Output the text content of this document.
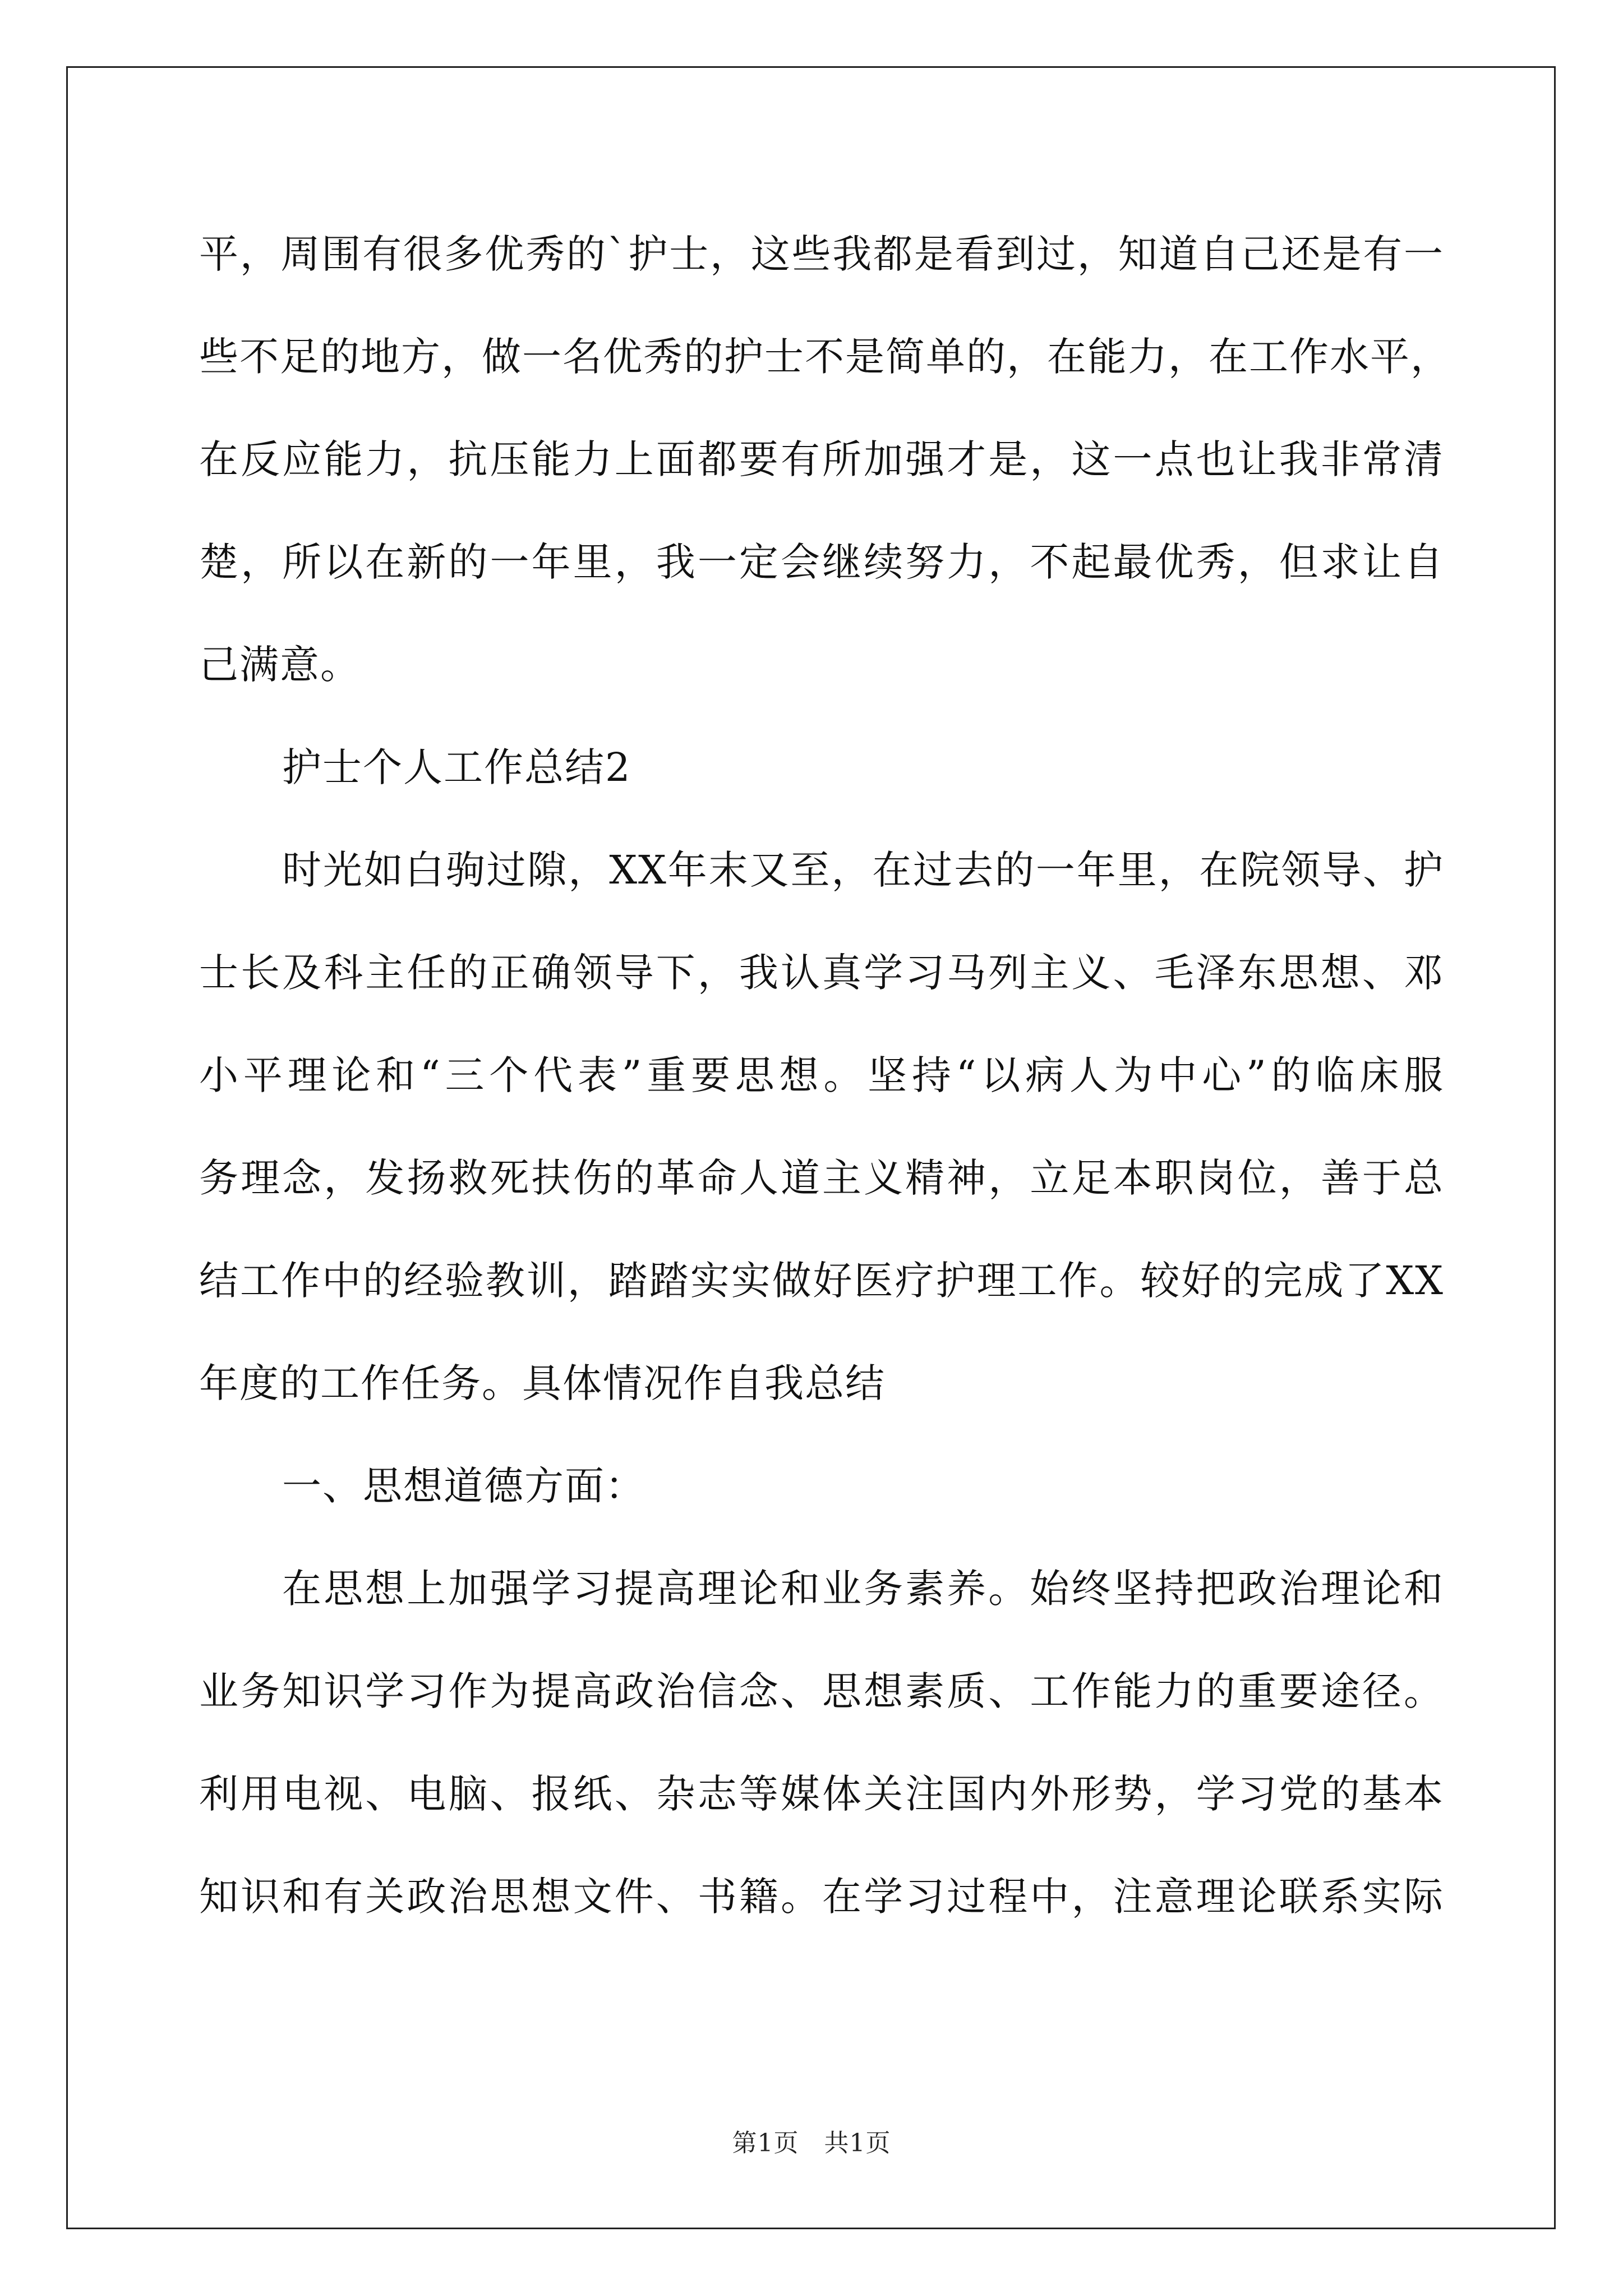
平，周围有很多优秀的`护士，这些我都是看到过，知道自己还是有一
些不足的地方，做一名优秀的护士不是简单的，在能力，在工作水平，
在反应能力，抗压能力上面都要有所加强才是，这一点也让我非常清
楚，所以在新的一年里，我一定会继续努力，不起最优秀，但求让自
己满意。
护士个人工作总结2
时光如白驹过隙，XX年末又至，在过去的一年里，在院领导、护
士长及科主任的正确领导下，我认真学习马列主义、毛泽东思想、邓
小平理论和“三个代表”重要思想。坚持“以病人为中心”的临床服
务理念，发扬救死扶伤的革命人道主义精神，立足本职岗位，善于总
结工作中的经验教训，踏踏实实做好医疗护理工作。较好的完成了XX
年度的工作任务。具体情况作自我总结
一、思想道德方面：
在思想上加强学习提高理论和业务素养。始终坚持把政治理论和
业务知识学习作为提高政治信念、思想素质、工作能力的重要途径。
利用电视、电脑、报纸、杂志等媒体关注国内外形势，学习党的基本
知识和有关政治思想文件、书籍。在学习过程中，注意理论联系实际
第1页　共1页
